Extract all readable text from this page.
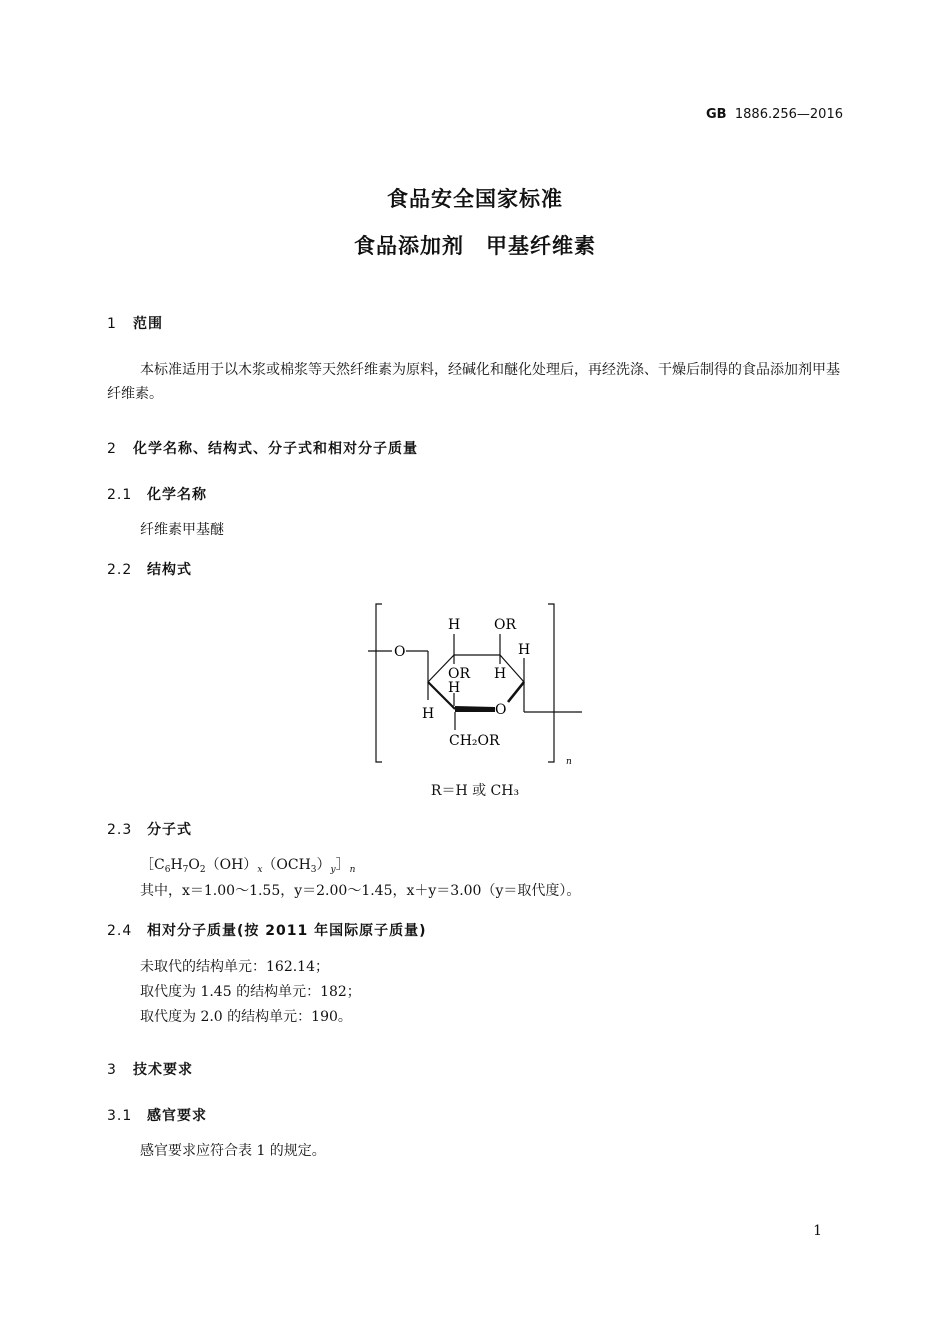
GB 1886.256—2016
食品安全国家标准
食品添加剂　甲基纤维素
1 范围
本标准适用于以木浆或棉浆等天然纤维素为原料，经碱化和醚化处理后，再经洗涤、干燥后制得的食品添加剂甲基纤维素。
2 化学名称、结构式、分子式和相对分子质量
2.1 化学名称
纤维素甲基醚
2.2 结构式
O
O
H OR
H
OR H
H
H
CH₂OR
n
R＝H 或 CH₃
2.3 分子式
$[C_6H_7O_2(OH)_x(OCH_3)_y]_n$
其中，x＝1.00～1.55，y＝2.00～1.45，x＋y＝3.00（y＝取代度）。
2.4 相对分子质量(按 2011 年国际原子质量)
未取代的结构单元：162.14；
取代度为 1.45 的结构单元：182；
取代度为 2.0 的结构单元：190。
3 技术要求
3.1 感官要求
感官要求应符合表 1 的规定。
1
